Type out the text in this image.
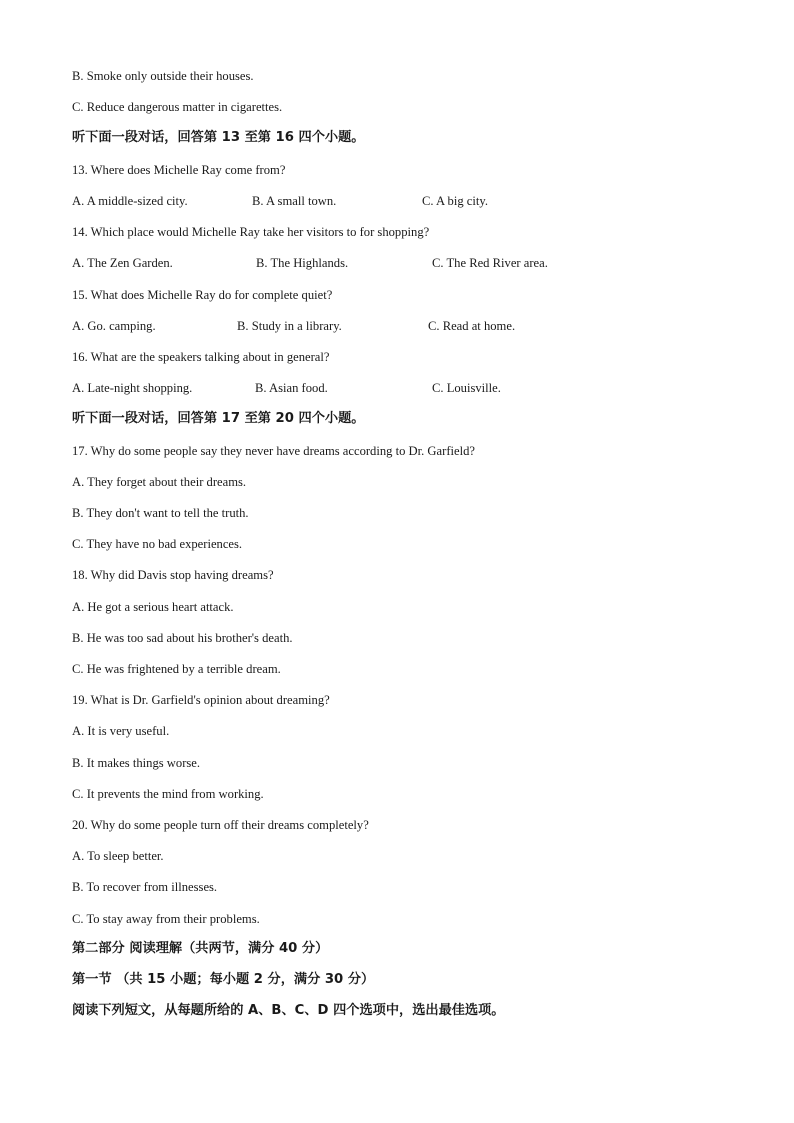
B. Smoke only outside their houses.
C. Reduce dangerous matter in cigarettes.
听下面一段对话，回答第 13 至第 16 四个小题。
13. Where does Michelle Ray come from?
A. A middle-sized city.	B. A small town.	C. A big city.
14. Which place would Michelle Ray take her visitors to for shopping?
A. The Zen Garden.	B. The Highlands.	C. The Red River area.
15. What does Michelle Ray do for complete quiet?
A. Go. camping.	B. Study in a library.	C. Read at home.
16. What are the speakers talking about in general?
A. Late-night shopping.	B. Asian food.	C. Louisville.
听下面一段对话，回答第 17 至第 20 四个小题。
17. Why do some people say they never have dreams according to Dr. Garfield?
A. They forget about their dreams.
B. They don't want to tell the truth.
C. They have no bad experiences.
18. Why did Davis stop having dreams?
A. He got a serious heart attack.
B. He was too sad about his brother's death.
C. He was frightened by a terrible dream.
19. What is Dr. Garfield's opinion about dreaming?
A. It is very useful.
B. It makes things worse.
C. It prevents the mind from working.
20. Why do some people turn off their dreams completely?
A. To sleep better.
B. To recover from illnesses.
C. To stay away from their problems.
第二部分 阅读理解（共两节，满分 40 分）
第一节 （共 15 小题；每小题 2 分，满分 30 分）
阅读下列短文，从每题所给的 A、B、C、D 四个选项中，选出最佳选项。
